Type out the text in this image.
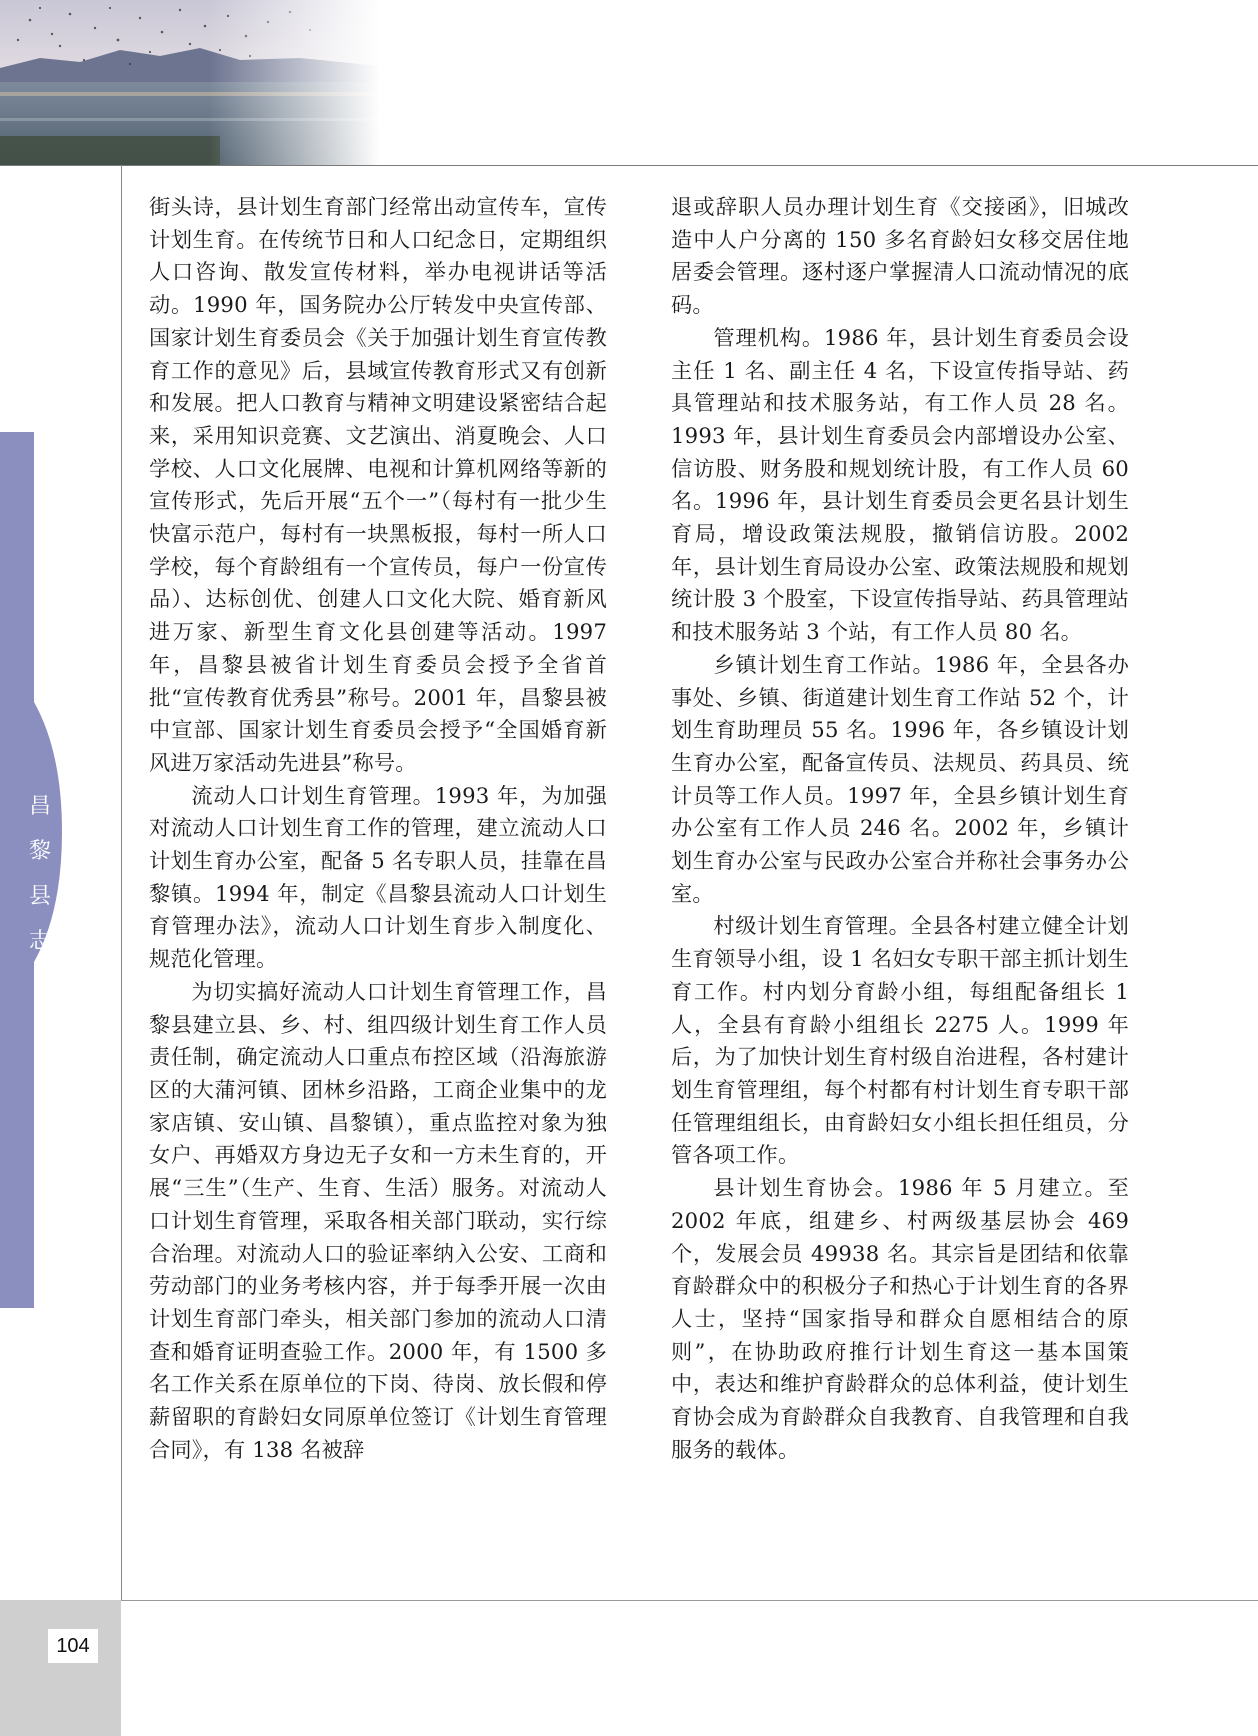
昌黎县志

街头诗，县计划生育部门经常出动宣传车，宣传计划生育。在传统节日和人口纪念日，定期组织人口咨询、散发宣传材料，举办电视讲话等活动。1990 年，国务院办公厅转发中央宣传部、国家计划生育委员会《关于加强计划生育宣传教育工作的意见》后，县域宣传教育形式又有创新和发展。把人口教育与精神文明建设紧密结合起来，采用知识竞赛、文艺演出、消夏晚会、人口学校、人口文化展牌、电视和计算机网络等新的宣传形式，先后开展“五个一”（每村有一批少生快富示范户，每村有一块黑板报，每村一所人口学校，每个育龄组有一个宣传员，每户一份宣传品）、达标创优、创建人口文化大院、婚育新风进万家、新型生育文化县创建等活动。1997 年，昌黎县被省计划生育委员会授予全省首批“宣传教育优秀县”称号。2001 年，昌黎县被中宣部、国家计划生育委员会授予“全国婚育新风进万家活动先进县”称号。

流动人口计划生育管理。1993 年，为加强对流动人口计划生育工作的管理，建立流动人口计划生育办公室，配备 5 名专职人员，挂靠在昌黎镇。1994 年，制定《昌黎县流动人口计划生育管理办法》，流动人口计划生育步入制度化、规范化管理。

为切实搞好流动人口计划生育管理工作，昌黎县建立县、乡、村、组四级计划生育工作人员责任制，确定流动人口重点布控区域（沿海旅游区的大蒲河镇、团林乡沿路，工商企业集中的龙家店镇、安山镇、昌黎镇），重点监控对象为独女户、再婚双方身边无子女和一方未生育的，开展“三生”（生产、生育、生活）服务。对流动人口计划生育管理，采取各相关部门联动，实行综合治理。对流动人口的验证率纳入公安、工商和劳动部门的业务考核内容，并于每季开展一次由计划生育部门牵头，相关部门参加的流动人口清查和婚育证明查验工作。2000 年，有 1500 多名工作关系在原单位的下岗、待岗、放长假和停薪留职的育龄妇女同原单位签订《计划生育管理合同》，有 138 名被辞

退或辞职人员办理计划生育《交接函》，旧城改造中人户分离的 150 多名育龄妇女移交居住地居委会管理。逐村逐户掌握清人口流动情况的底码。

管理机构。1986 年，县计划生育委员会设主任 1 名、副主任 4 名，下设宣传指导站、药具管理站和技术服务站，有工作人员 28 名。1993 年，县计划生育委员会内部增设办公室、信访股、财务股和规划统计股，有工作人员 60 名。1996 年，县计划生育委员会更名县计划生育局，增设政策法规股，撤销信访股。2002 年，县计划生育局设办公室、政策法规股和规划统计股 3 个股室，下设宣传指导站、药具管理站和技术服务站 3 个站，有工作人员 80 名。

乡镇计划生育工作站。1986 年，全县各办事处、乡镇、街道建计划生育工作站 52 个，计划生育助理员 55 名。1996 年，各乡镇设计划生育办公室，配备宣传员、法规员、药具员、统计员等工作人员。1997 年，全县乡镇计划生育办公室有工作人员 246 名。2002 年，乡镇计划生育办公室与民政办公室合并称社会事务办公室。

村级计划生育管理。全县各村建立健全计划生育领导小组，设 1 名妇女专职干部主抓计划生育工作。村内划分育龄小组，每组配备组长 1 人，全县有育龄小组组长 2275 人。1999 年后，为了加快计划生育村级自治进程，各村建计划生育管理组，每个村都有村计划生育专职干部任管理组组长，由育龄妇女小组长担任组员，分管各项工作。

县计划生育协会。1986 年 5 月建立。至 2002 年底，组建乡、村两级基层协会 469 个，发展会员 49938 名。其宗旨是团结和依靠育龄群众中的积极分子和热心于计划生育的各界人士，坚持“国家指导和群众自愿相结合的原则”，在协助政府推行计划生育这一基本国策中，表达和维护育龄群众的总体利益，使计划生育协会成为育龄群众自我教育、自我管理和自我服务的载体。

104
